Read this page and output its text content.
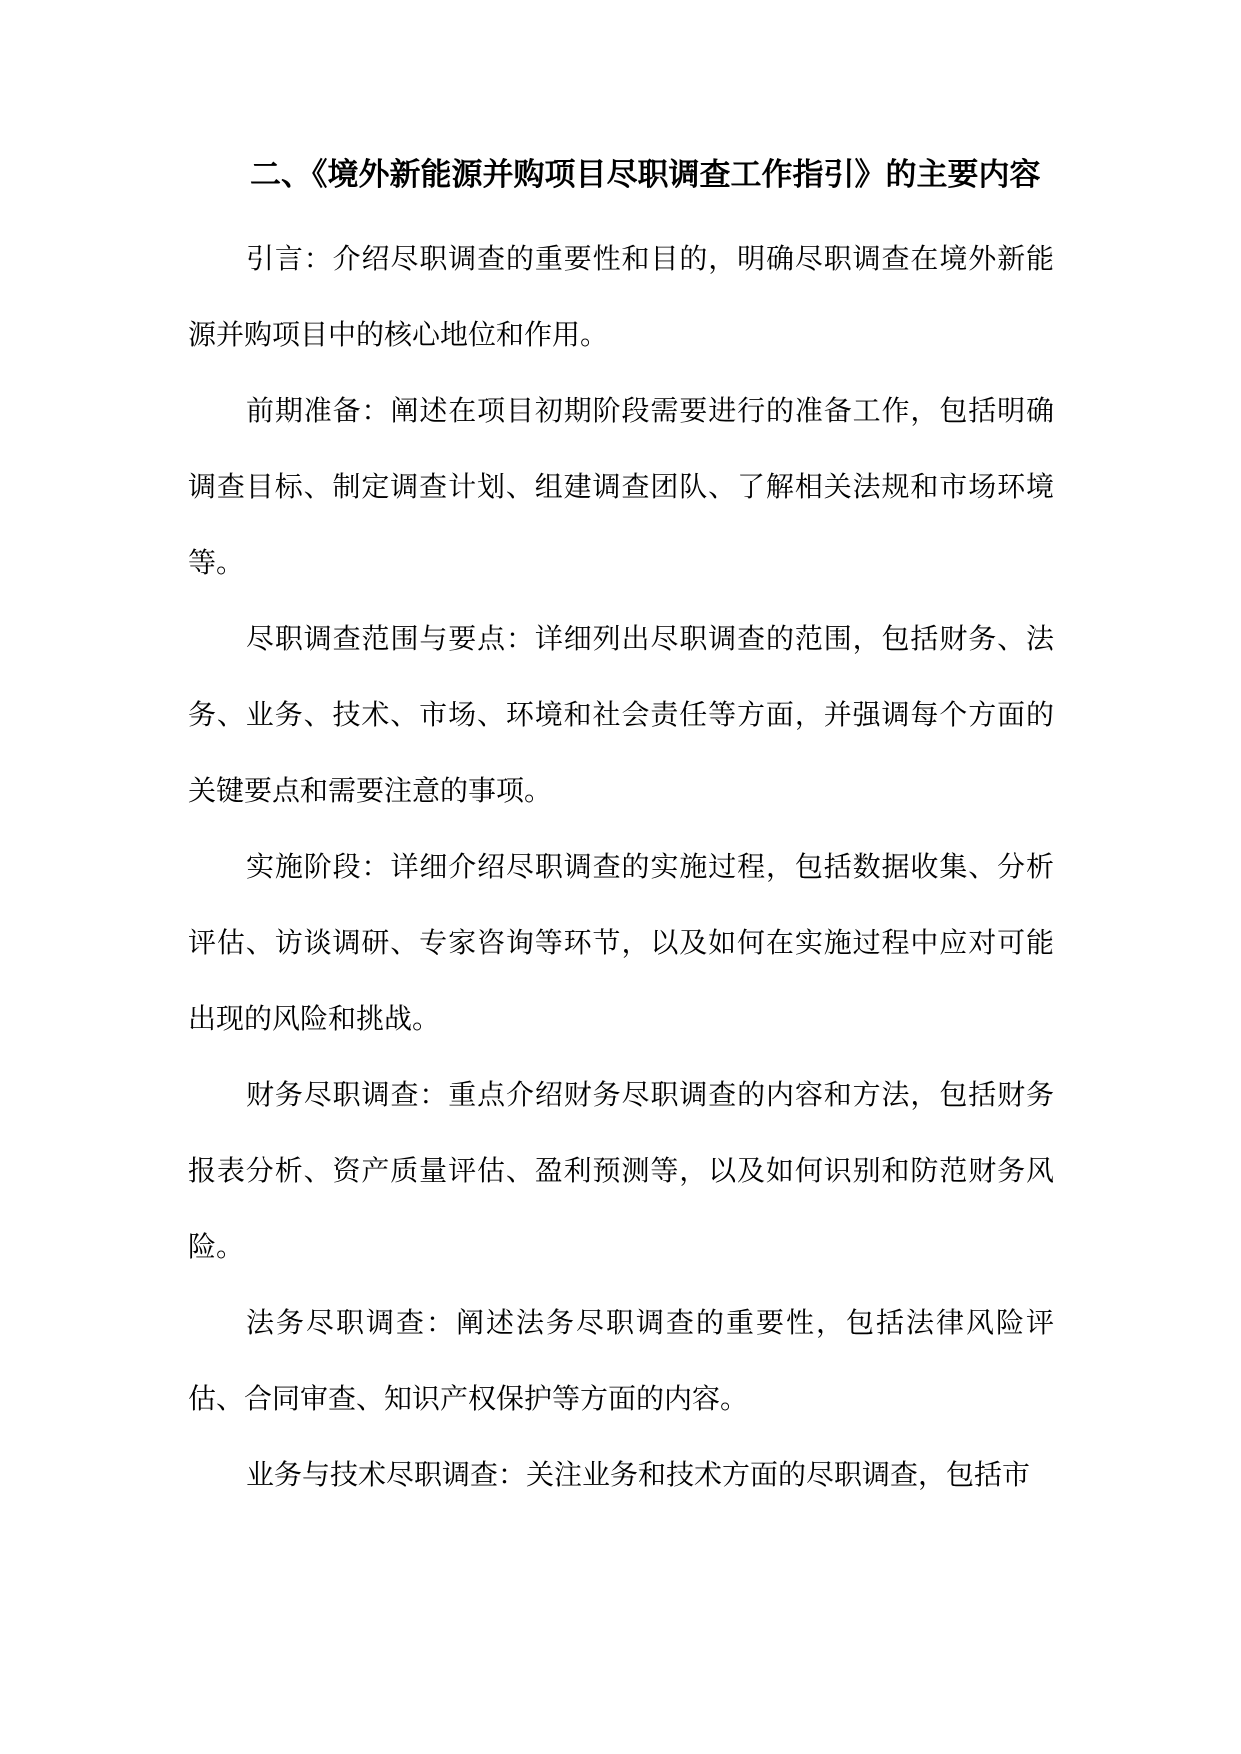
二、《境外新能源并购项目尽职调查工作指引》的主要内容

引言：介绍尽职调查的重要性和目的，明确尽职调查在境外新能源并购项目中的核心地位和作用。

前期准备：阐述在项目初期阶段需要进行的准备工作，包括明确调查目标、制定调查计划、组建调查团队、了解相关法规和市场环境等。

尽职调查范围与要点：详细列出尽职调查的范围，包括财务、法务、业务、技术、市场、环境和社会责任等方面，并强调每个方面的关键要点和需要注意的事项。

实施阶段：详细介绍尽职调查的实施过程，包括数据收集、分析评估、访谈调研、专家咨询等环节，以及如何在实施过程中应对可能出现的风险和挑战。

财务尽职调查：重点介绍财务尽职调查的内容和方法，包括财务报表分析、资产质量评估、盈利预测等，以及如何识别和防范财务风险。

法务尽职调查：阐述法务尽职调查的重要性，包括法律风险评估、合同审查、知识产权保护等方面的内容。

业务与技术尽职调查：关注业务和技术方面的尽职调查，包括市
